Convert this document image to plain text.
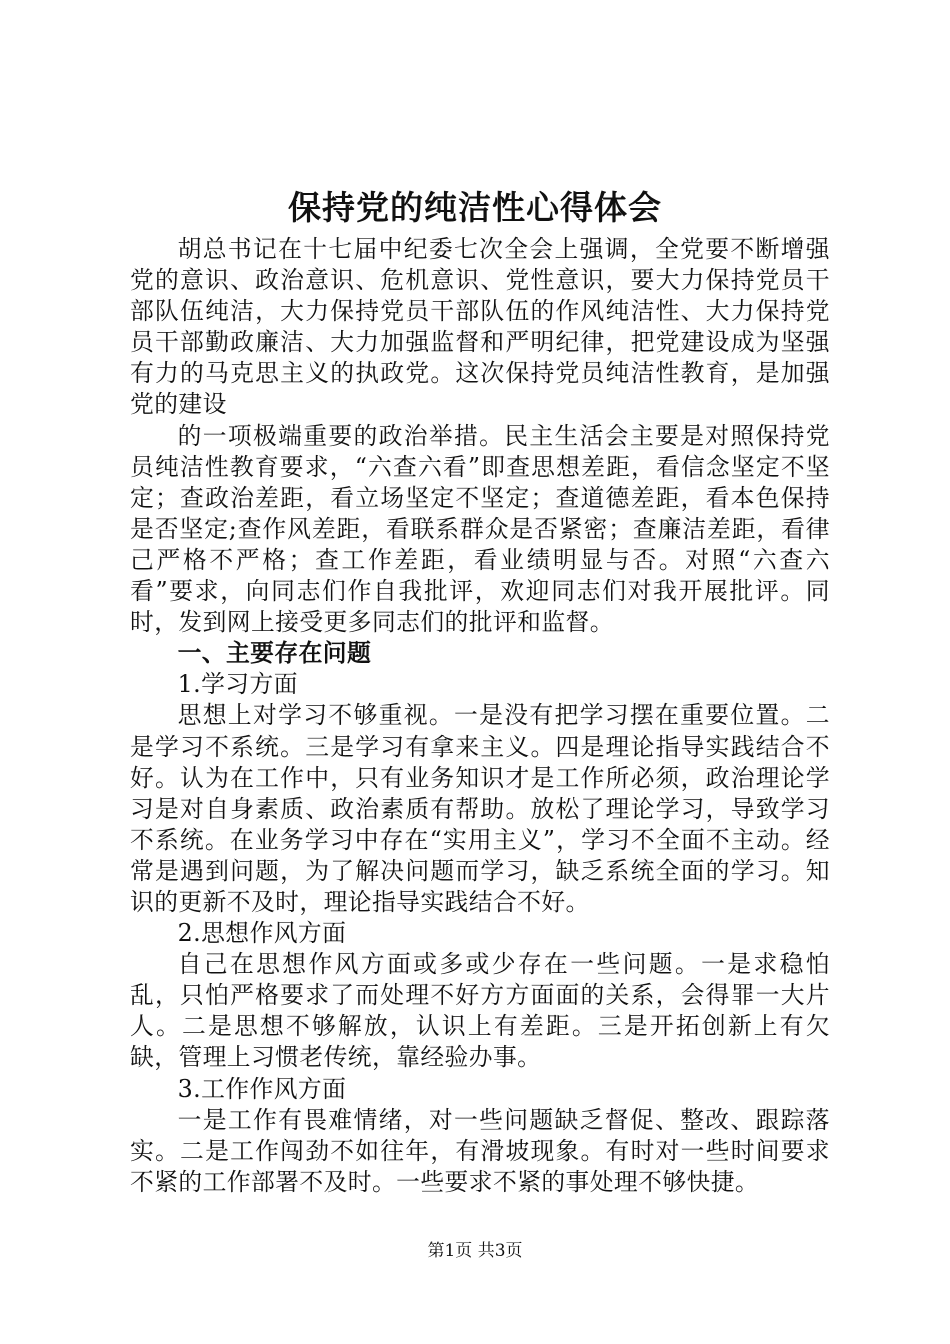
保持党的纯洁性心得体会

胡总书记在十七届中纪委七次全会上强调，全党要不断增强党的意识、政治意识、危机意识、党性意识，要大力保持党员干部队伍纯洁，大力保持党员干部队伍的作风纯洁性、大力保持党员干部勤政廉洁、大力加强监督和严明纪律，把党建设成为坚强有力的马克思主义的执政党。这次保持党员纯洁性教育，是加强党的建设

的一项极端重要的政治举措。民主生活会主要是对照保持党员纯洁性教育要求，“六查六看”即查思想差距，看信念坚定不坚定；查政治差距，看立场坚定不坚定；查道德差距，看本色保持是否坚定;查作风差距，看联系群众是否紧密；查廉洁差距，看律己严格不严格；查工作差距，看业绩明显与否。对照“六查六看”要求，向同志们作自我批评，欢迎同志们对我开展批评。同时，发到网上接受更多同志们的批评和监督。

一、主要存在问题

1.学习方面

思想上对学习不够重视。一是没有把学习摆在重要位置。二是学习不系统。三是学习有拿来主义。四是理论指导实践结合不好。认为在工作中，只有业务知识才是工作所必须，政治理论学习是对自身素质、政治素质有帮助。放松了理论学习，导致学习不系统。在业务学习中存在“实用主义”，学习不全面不主动。经常是遇到问题，为了解决问题而学习，缺乏系统全面的学习。知识的更新不及时，理论指导实践结合不好。

2.思想作风方面

自己在思想作风方面或多或少存在一些问题。一是求稳怕乱，只怕严格要求了而处理不好方方面面的关系，会得罪一大片人。二是思想不够解放，认识上有差距。三是开拓创新上有欠缺，管理上习惯老传统，靠经验办事。

3.工作作风方面

一是工作有畏难情绪，对一些问题缺乏督促、整改、跟踪落实。二是工作闯劲不如往年，有滑坡现象。有时对一些时间要求不紧的工作部署不及时。一些要求不紧的事处理不够快捷。

第1页 共3页
